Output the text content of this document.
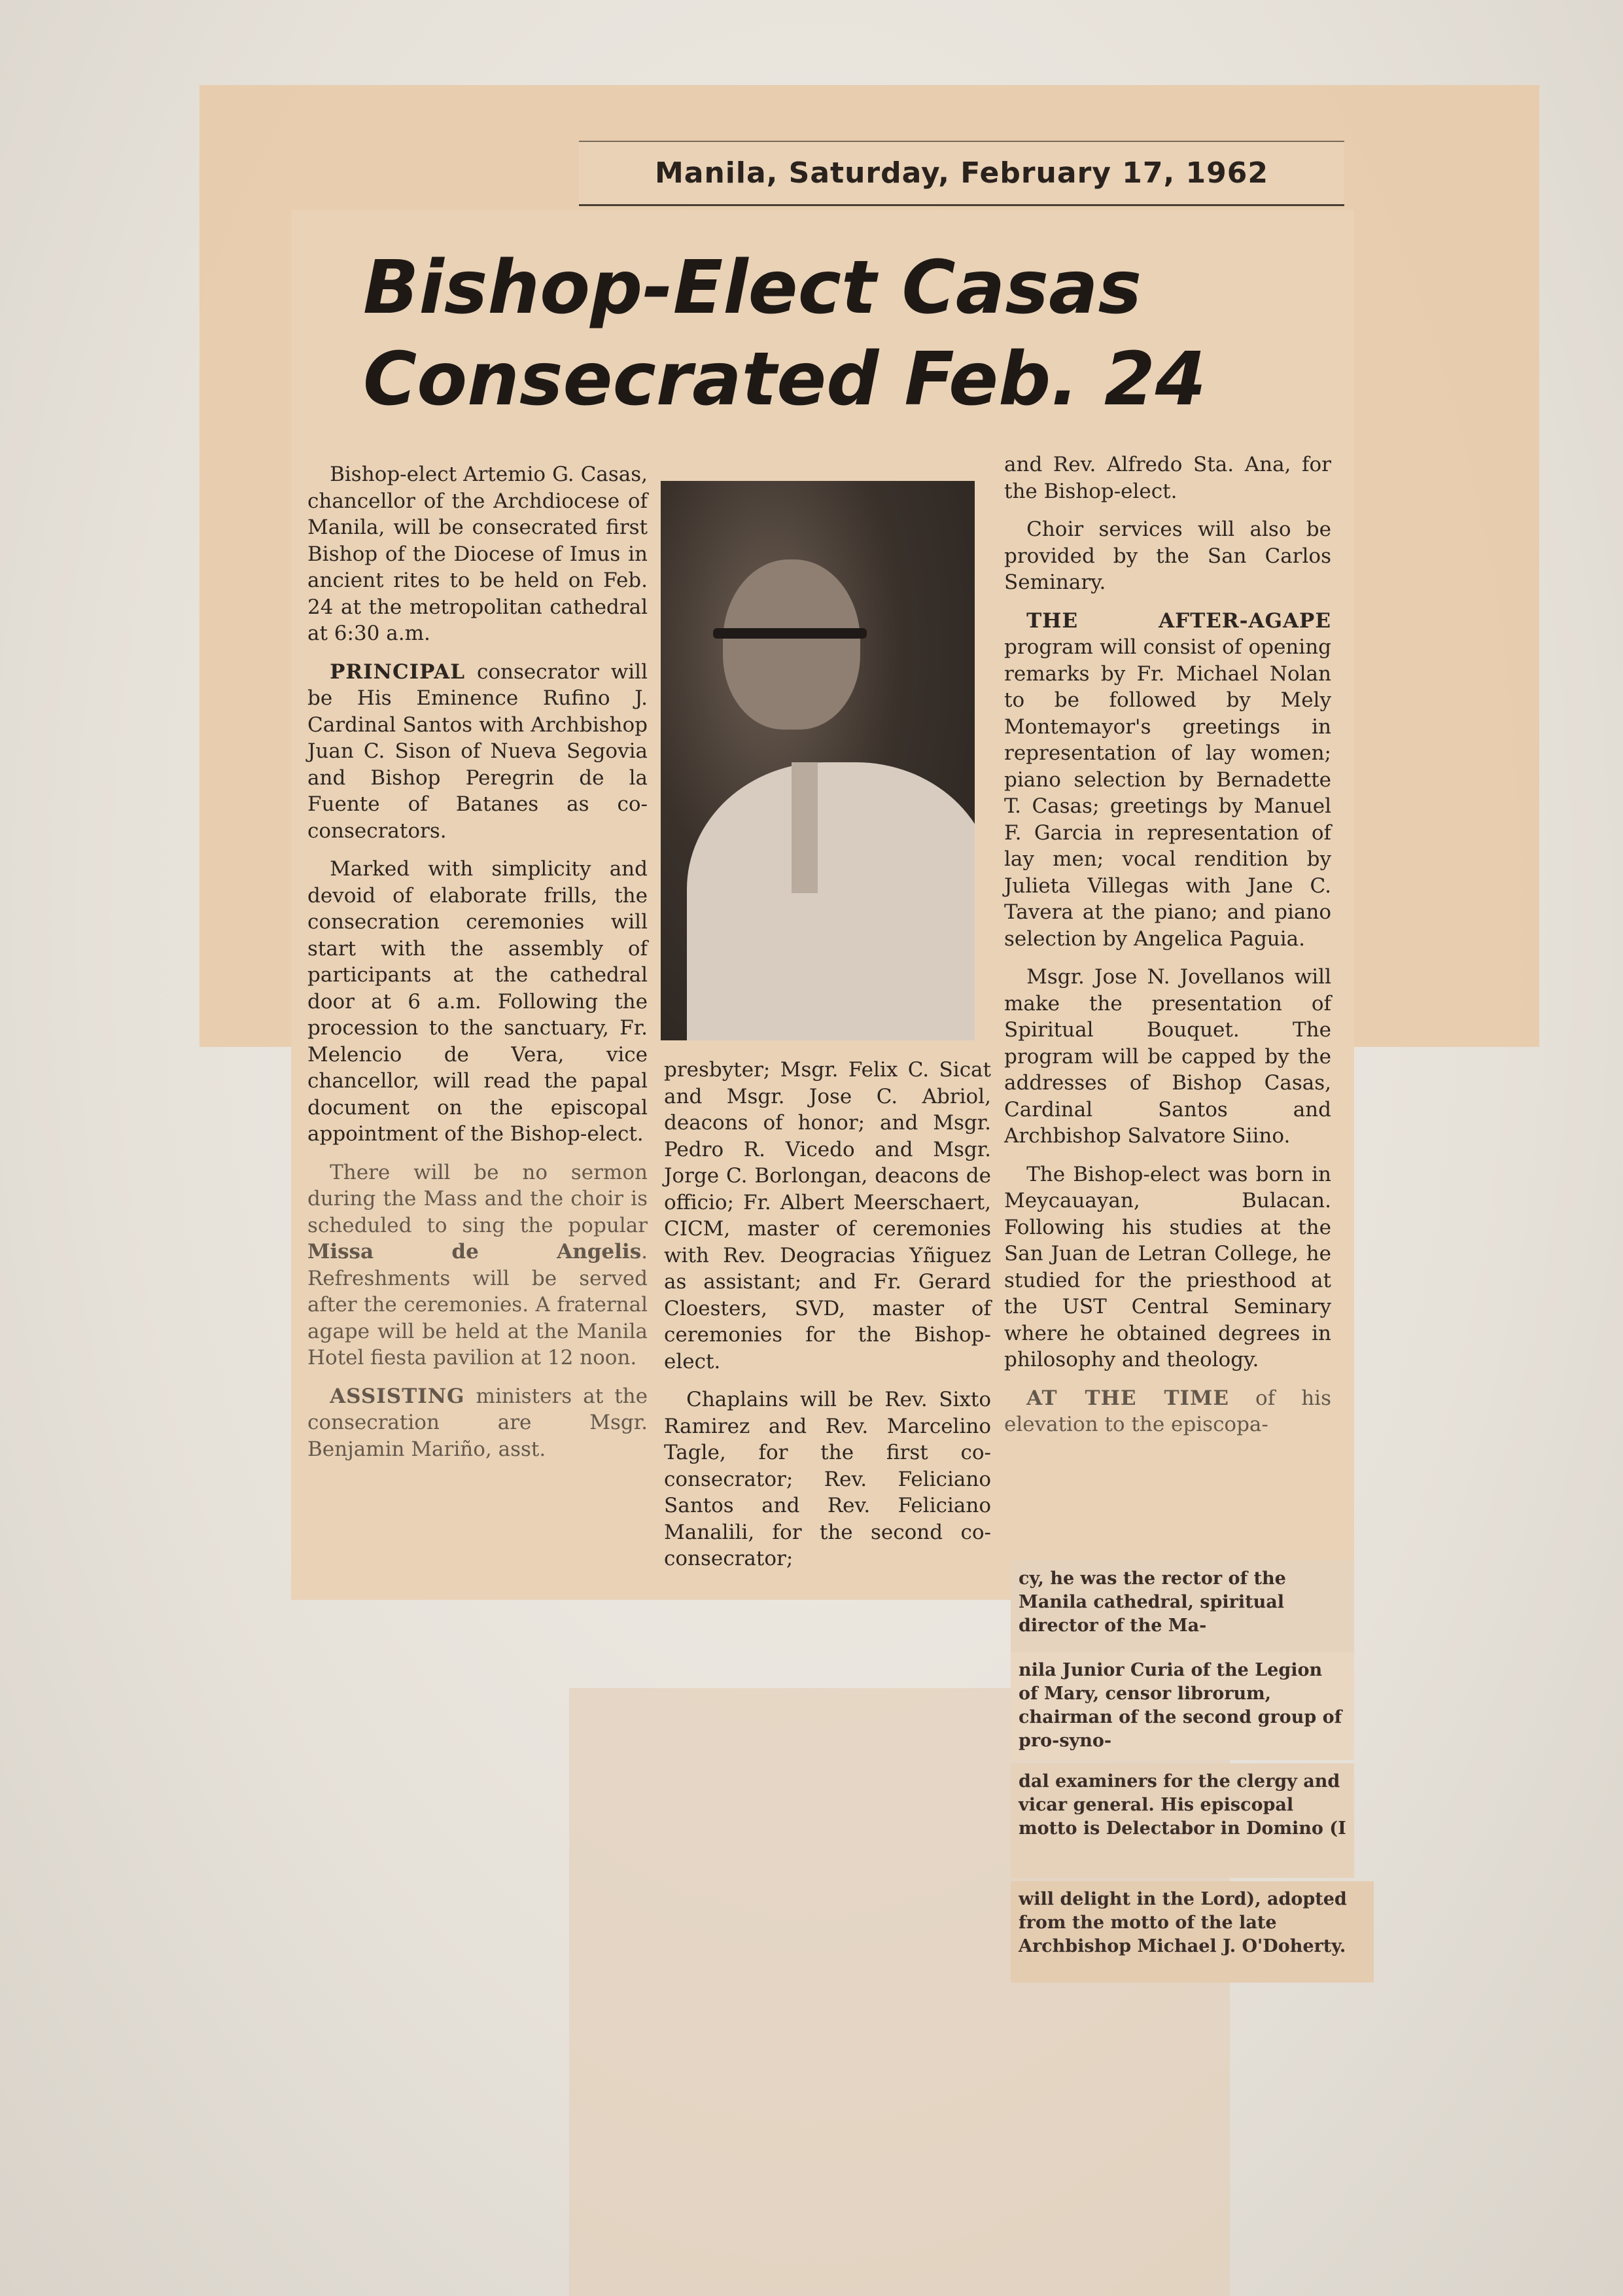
Manila, Saturday, February 17, 1962
Bishop-Elect Casas
Consecrated Feb. 24

Bishop-elect Artemio G. Casas, chancellor of the Archdiocese of Manila, will be consecrated first Bishop of the Diocese of Imus in ancient rites to be held on Feb. 24 at the metropolitan cathedral at 6:30 a.m.

PRINCIPAL consecrator will be His Eminence Rufino J. Cardinal Santos with Archbishop Juan C. Sison of Nueva Segovia and Bishop Peregrin de la Fuente of Batanes as co-consecrators.

Marked with simplicity and devoid of elaborate frills, the consecration ceremonies will start with the assembly of participants at the cathedral door at 6 a.m. Following the procession to the sanctuary, Fr. Melencio de Vera, vice chancellor, will read the papal document on the episcopal appointment of the Bishop-elect.

There will be no sermon during the Mass and the choir is scheduled to sing the popular Missa de Angelis. Refreshments will be served after the ceremonies. A fraternal agape will be held at the Manila Hotel fiesta pavilion at 12 noon.

ASSISTING ministers at the consecration are Msgr. Benjamin Mariño, asst.

presbyter; Msgr. Felix C. Sicat and Msgr. Jose C. Abriol, deacons of honor; and Msgr. Pedro R. Vicedo and Msgr. Jorge C. Borlongan, deacons de officio; Fr. Albert Meerschaert, CICM, master of ceremonies with Rev. Deogracias Yñiguez as assistant; and Fr. Gerard Cloesters, SVD, master of ceremonies for the Bishop-elect.

Chaplains will be Rev. Sixto Ramirez and Rev. Marcelino Tagle, for the first co-consecrator; Rev. Feliciano Santos and Rev. Feliciano Manalili, for the second co-consecrator;

and Rev. Alfredo Sta. Ana, for the Bishop-elect.

Choir services will also be provided by the San Carlos Seminary.

THE AFTER-AGAPE program will consist of opening remarks by Fr. Michael Nolan to be followed by Mely Montemayor's greetings in representation of lay women; piano selection by Bernadette T. Casas; greetings by Manuel F. Garcia in representation of lay men; vocal rendition by Julieta Villegas with Jane C. Tavera at the piano; and piano selection by Angelica Paguia.

Msgr. Jose N. Jovellanos will make the presentation of Spiritual Bouquet. The program will be capped by the addresses of Bishop Casas, Cardinal Santos and Archbishop Salvatore Siino.

The Bishop-elect was born in Meycauayan, Bulacan. Following his studies at the San Juan de Letran College, he studied for the priesthood at the UST Central Seminary where he obtained degrees in philosophy and theology.

AT THE TIME of his elevation to the episcopa-

cy, he was the rector of the Manila cathedral, spiritual director of the Ma-

nila Junior Curia of the Legion of Mary, censor librorum, chairman of the second group of pro-syno-

dal examiners for the clergy and vicar general. His episcopal motto is Delectabor in Domino (I

will delight in the Lord), adopted from the motto of the late Archbishop Michael J. O'Doherty.
